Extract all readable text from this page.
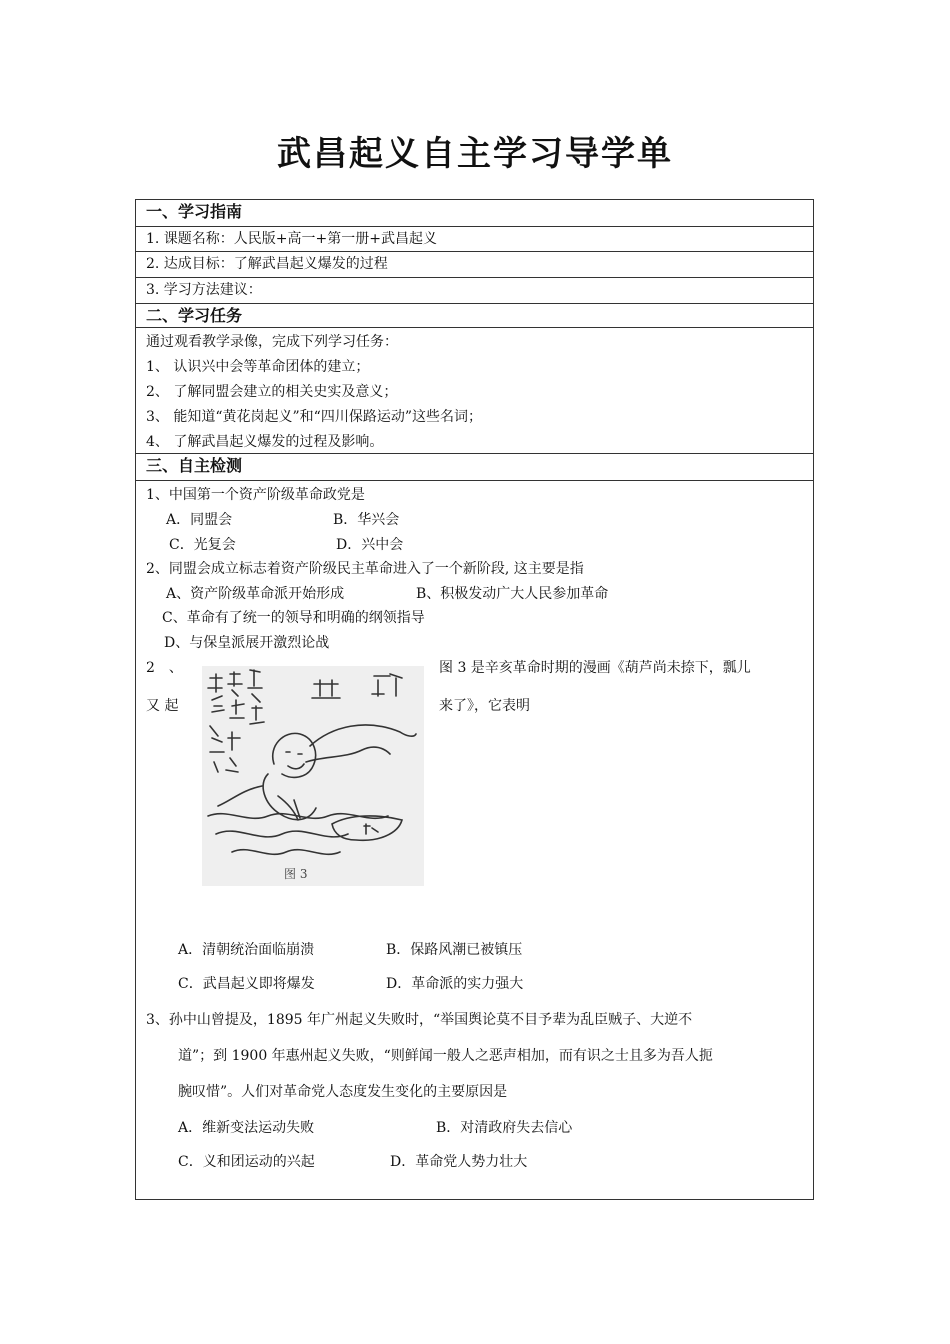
武昌起义自主学习导学单
一、学习指南
1. 课题名称：人民版+高一+第一册+武昌起义
2. 达成目标：了解武昌起义爆发的过程
3. 学习方法建议：
二、学习任务
通过观看教学录像，完成下列学习任务：
1、 认识兴中会等革命团体的建立；
2、 了解同盟会建立的相关史实及意义；
3、 能知道“黄花岗起义”和“四川保路运动”这些名词；
4、 了解武昌起义爆发的过程及影响。
三、自主检测
1、中国第一个资产阶级革命政党是
A．同盟会	B．华兴会
C．光复会	D．兴中会
2、同盟会成立标志着资产阶级民主革命进入了一个新阶段, 这主要是指
A、资产阶级革命派开始形成	B、积极发动广大人民参加革命
C、革命有了统一的领导和明确的纲领指导
D、与保皇派展开激烈论战
2　、
又 起
图 3 是辛亥革命时期的漫画《葫芦尚未捺下，瓢儿
来了》，它表明
图 3
A．清朝统治面临崩溃	B．保路风潮已被镇压
C．武昌起义即将爆发	D．革命派的实力强大
3、孙中山曾提及，1895 年广州起义失败时，“举国舆论莫不目予辈为乱臣贼子、大逆不
道”；到 1900 年惠州起义失败，“则鲜闻一般人之恶声相加，而有识之士且多为吾人扼
腕叹惜”。人们对革命党人态度发生变化的主要原因是
A．维新变法运动失败	B．对清政府失去信心
C．义和团运动的兴起	D．革命党人势力壮大
